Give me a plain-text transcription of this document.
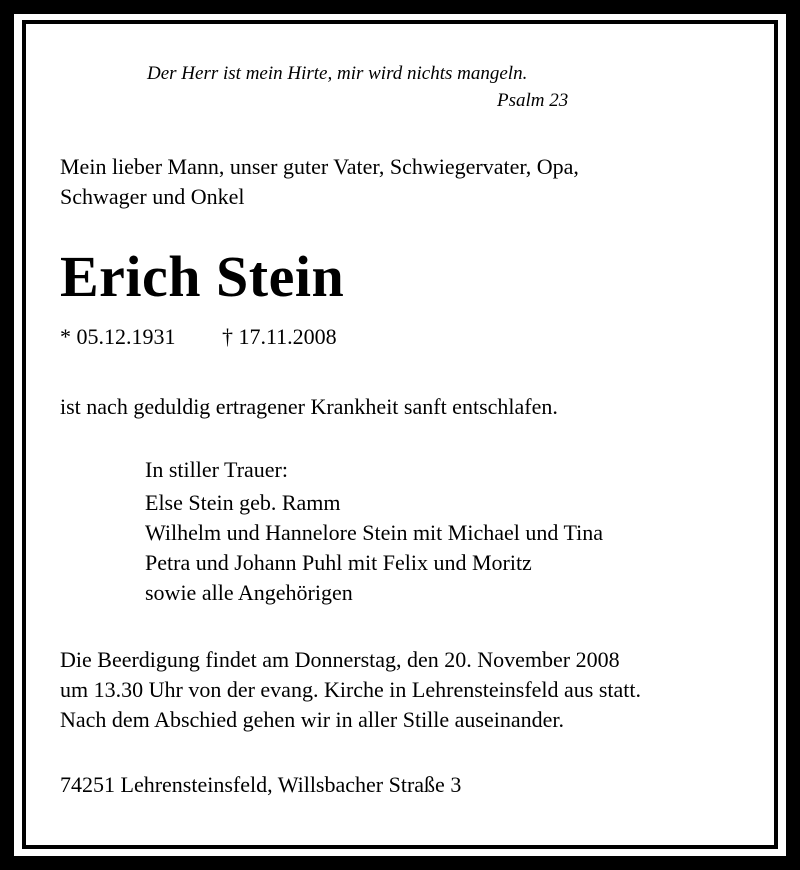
Der Herr ist mein Hirte, mir wird nichts mangeln.

Psalm 23

Mein lieber Mann, unser guter Vater, Schwiegervater, Opa,
Schwager und Onkel

Erich Stein

* 05.12.1931 † 17.11.2008

ist nach geduldig ertragener Krankheit sanft entschlafen.

In stiller Trauer:

Else Stein geb. Ramm
Wilhelm und Hannelore Stein mit Michael und Tina
Petra und Johann Puhl mit Felix und Moritz
sowie alle Angehörigen
Die Beerdigung findet am Donnerstag, den 20. November 2008
um 13.30 Uhr von der evang. Kirche in Lehrensteinsfeld aus statt.
Nach dem Abschied gehen wir in aller Stille auseinander.

74251 Lehrensteinsfeld, Willsbacher Straße 3
